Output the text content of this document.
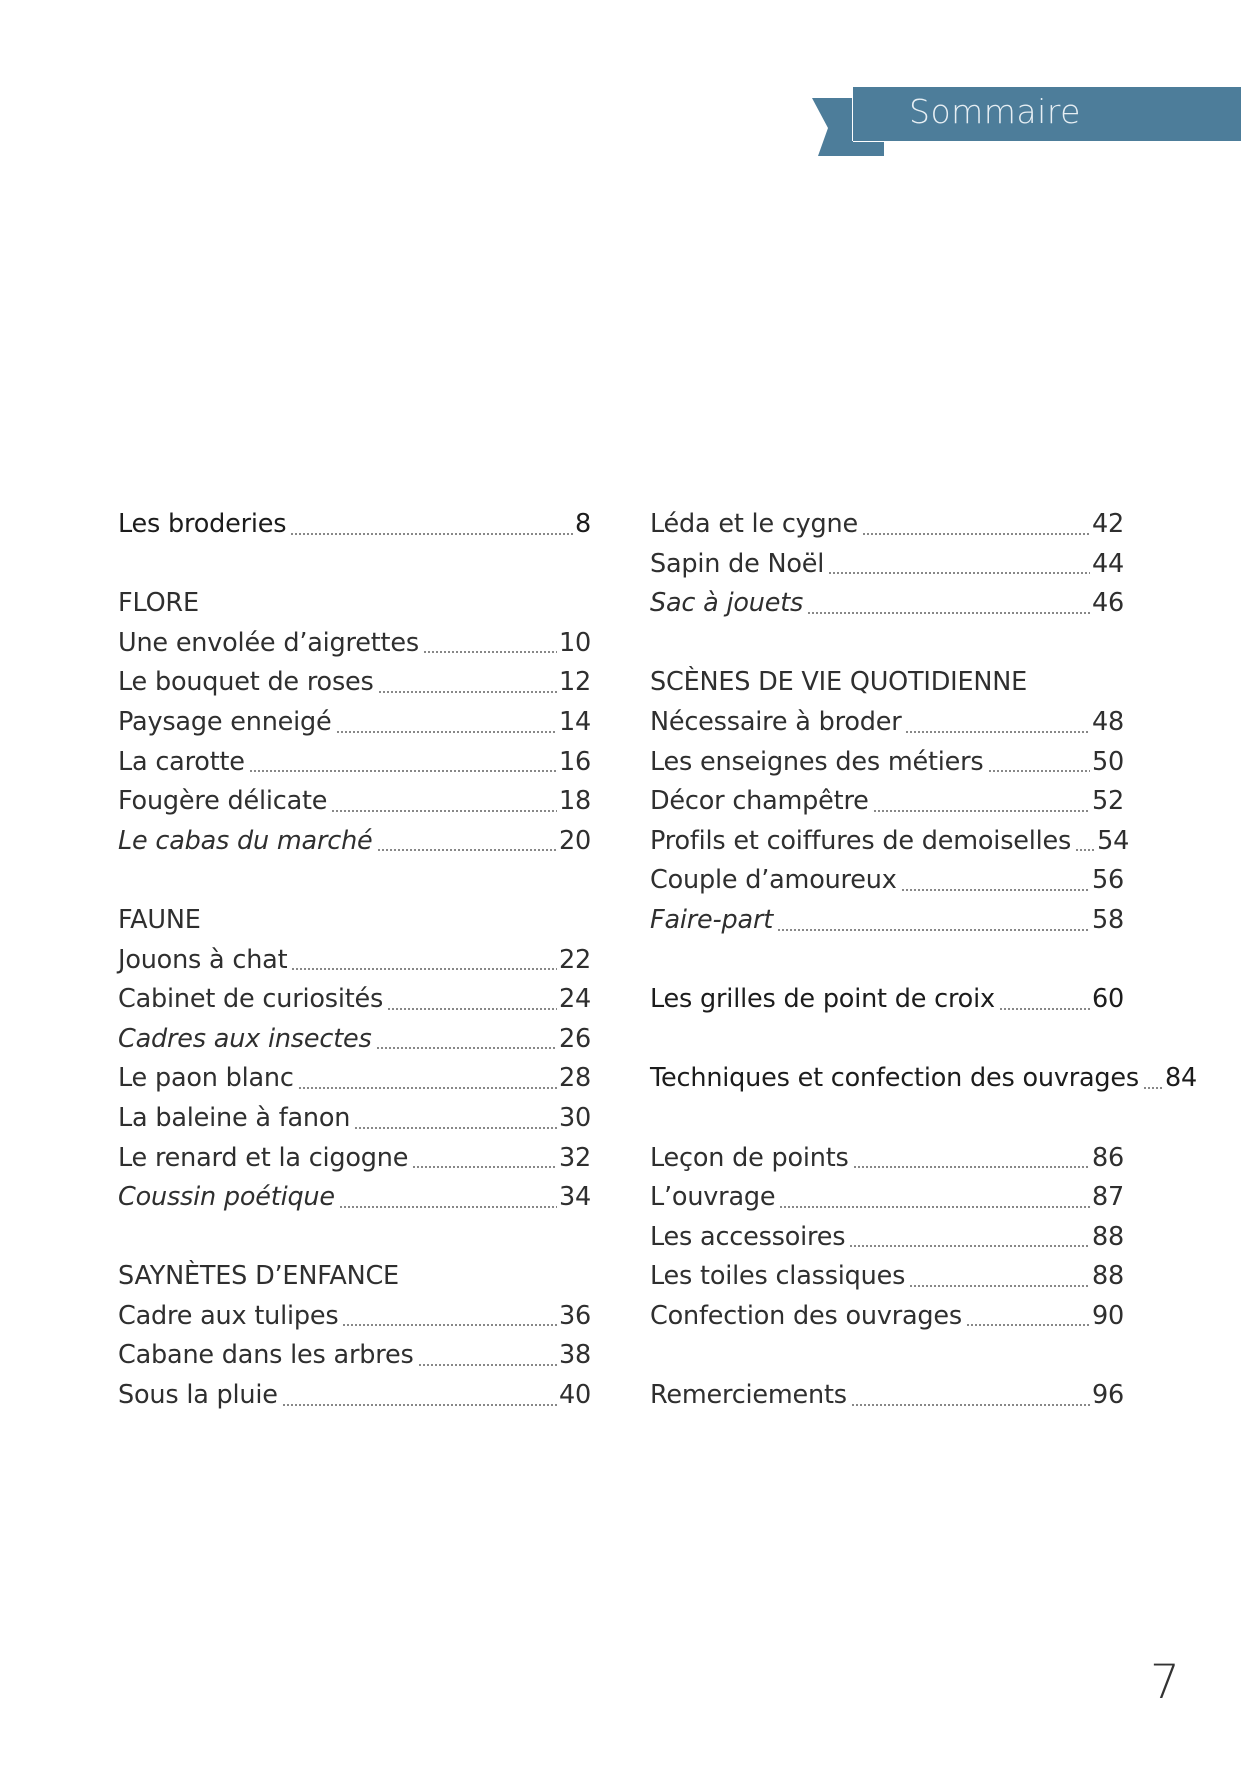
Sommaire
Les broderies	8
FLORE
Une envolée d’aigrettes	10
Le bouquet de roses	12
Paysage enneigé	14
La carotte	16
Fougère délicate	18
Le cabas du marché	20
FAUNE
Jouons à chat	22
Cabinet de curiosités	24
Cadres aux insectes	26
Le paon blanc	28
La baleine à fanon	30
Le renard et la cigogne	32
Coussin poétique	34
SAYNÈTES D’ENFANCE
Cadre aux tulipes	36
Cabane dans les arbres	38
Sous la pluie	40
Léda et le cygne	42
Sapin de Noël	44
Sac à jouets	46
SCÈNES DE VIE QUOTIDIENNE
Nécessaire à broder	48
Les enseignes des métiers	50
Décor champêtre	52
Profils et coiffures de demoiselles 54
Couple d’amoureux	56
Faire-part	58
Les grilles de point de croix	60
Techniques et confection des ouvrages 84
Leçon de points	86
L’ouvrage	87
Les accessoires	88
Les toiles classiques	88
Confection des ouvrages	90
Remerciements	96
7
